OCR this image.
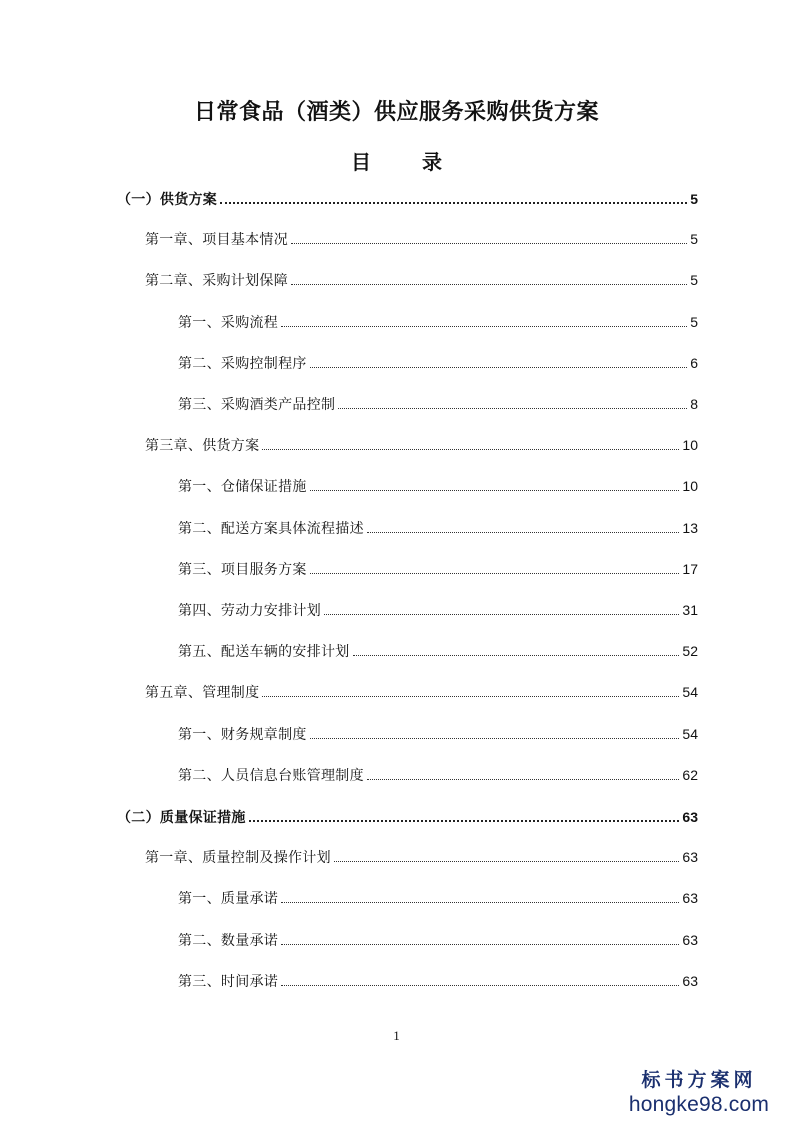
日常食品（酒类）供应服务采购供货方案
目 录
（一）供货方案	5
第一章、项目基本情况	5
第二章、采购计划保障	5
第一、采购流程	5
第二、采购控制程序	6
第三、采购酒类产品控制	8
第三章、供货方案	10
第一、仓储保证措施	10
第二、配送方案具体流程描述	13
第三、项目服务方案	17
第四、劳动力安排计划	31
第五、配送车辆的安排计划	52
第五章、管理制度	54
第一、财务规章制度	54
第二、人员信息台账管理制度	62
（二）质量保证措施	63
第一章、质量控制及操作计划	63
第一、质量承诺	63
第二、数量承诺	63
第三、时间承诺	63
1
标书方案网
hongke98.com
